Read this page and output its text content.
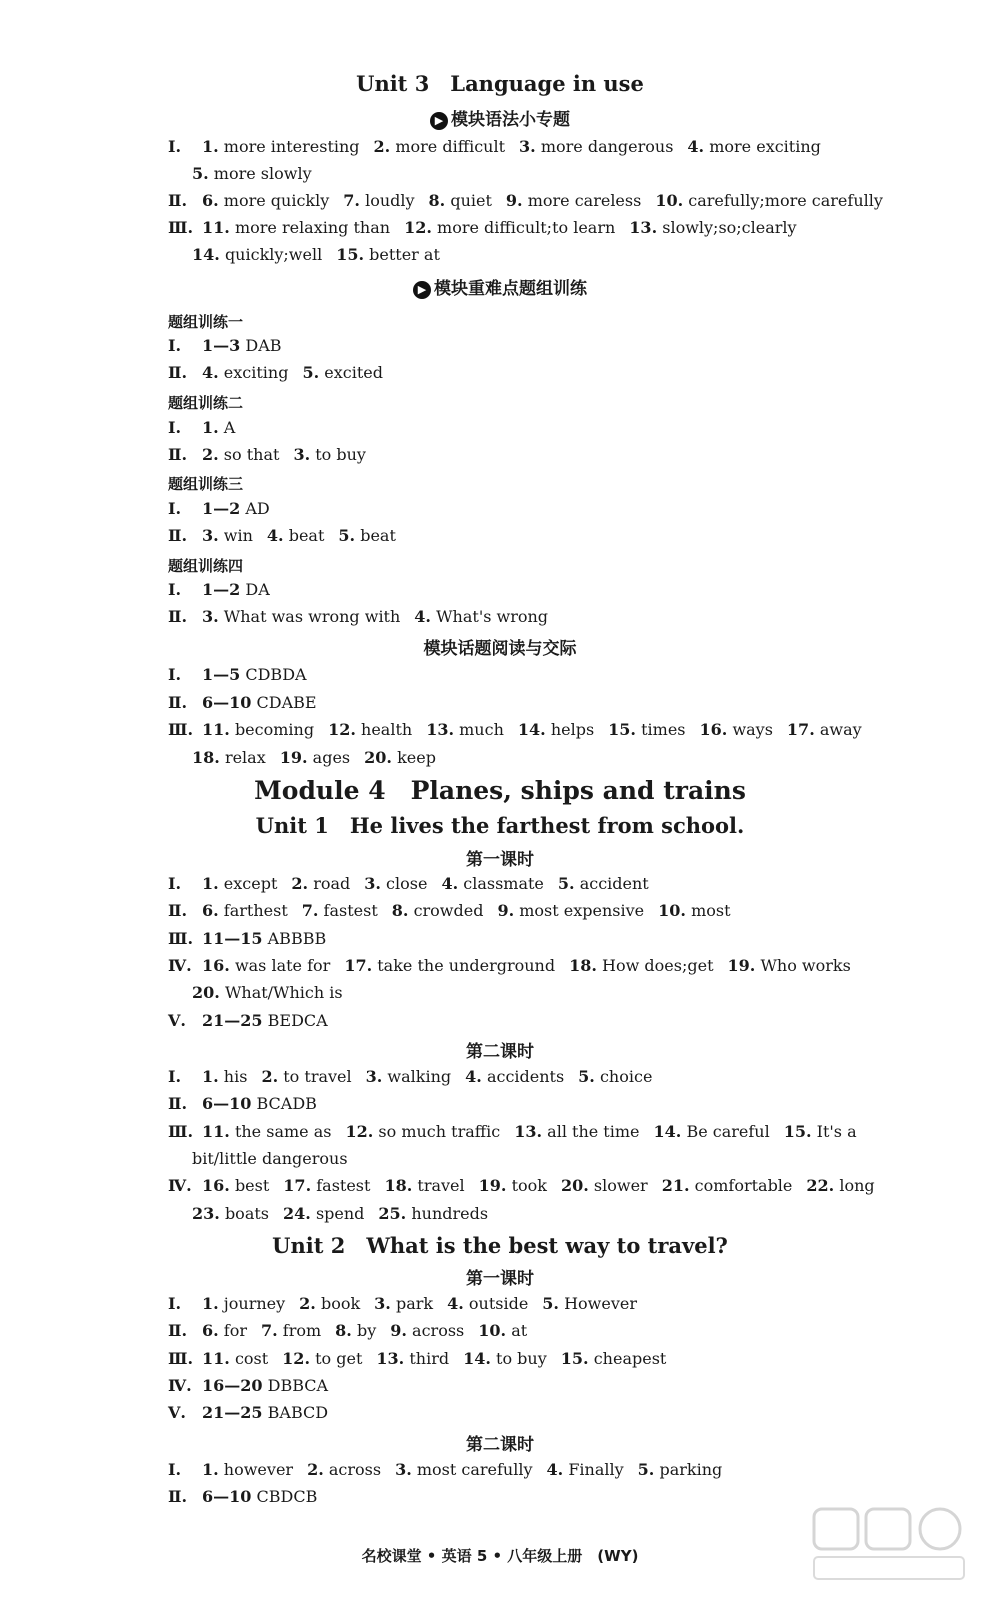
Unit 3　Language in use
▶ 模块语法小专题
Ⅰ. 1. more interesting 2. more difficult 3. more dangerous 4. more exciting
5. more slowly
Ⅱ. 6. more quickly 7. loudly 8. quiet 9. more careless 10. carefully;more carefully
Ⅲ. 11. more relaxing than 12. more difficult;to learn 13. slowly;so;clearly
14. quickly;well 15. better at
▶ 模块重难点题组训练
题组训练一
Ⅰ. 1—3 DAB
Ⅱ. 4. exciting 5. excited
题组训练二
Ⅰ. 1. A
Ⅱ. 2. so that 3. to buy
题组训练三
Ⅰ. 1—2 AD
Ⅱ. 3. win 4. beat 5. beat
题组训练四
Ⅰ. 1—2 DA
Ⅱ. 3. What was wrong with 4. What's wrong
模块话题阅读与交际
Ⅰ. 1—5 CDBDA
Ⅱ. 6—10 CDABE
Ⅲ. 11. becoming 12. health 13. much 14. helps 15. times 16. ways 17. away
18. relax 19. ages 20. keep
Module 4　Planes, ships and trains
Unit 1　He lives the farthest from school.
第一课时
Ⅰ. 1. except 2. road 3. close 4. classmate 5. accident
Ⅱ. 6. farthest 7. fastest 8. crowded 9. most expensive 10. most
Ⅲ. 11—15 ABBBB
Ⅳ. 16. was late for 17. take the underground 18. How does;get 19. Who works
20. What/Which is
Ⅴ. 21—25 BEDCA
第二课时
Ⅰ. 1. his 2. to travel 3. walking 4. accidents 5. choice
Ⅱ. 6—10 BCADB
Ⅲ. 11. the same as 12. so much traffic 13. all the time 14. Be careful 15. It's a
bit/little dangerous
Ⅳ. 16. best 17. fastest 18. travel 19. took 20. slower 21. comfortable 22. long
23. boats 24. spend 25. hundreds
Unit 2　What is the best way to travel?
第一课时
Ⅰ. 1. journey 2. book 3. park 4. outside 5. However
Ⅱ. 6. for 7. from 8. by 9. across 10. at
Ⅲ. 11. cost 12. to get 13. third 14. to buy 15. cheapest
Ⅳ. 16—20 DBBCA
Ⅴ. 21—25 BABCD
第二课时
Ⅰ. 1. however 2. across 3. most carefully 4. Finally 5. parking
Ⅱ. 6—10 CBDCB
名校课堂 • 英语 5 • 八年级上册　(WY)
